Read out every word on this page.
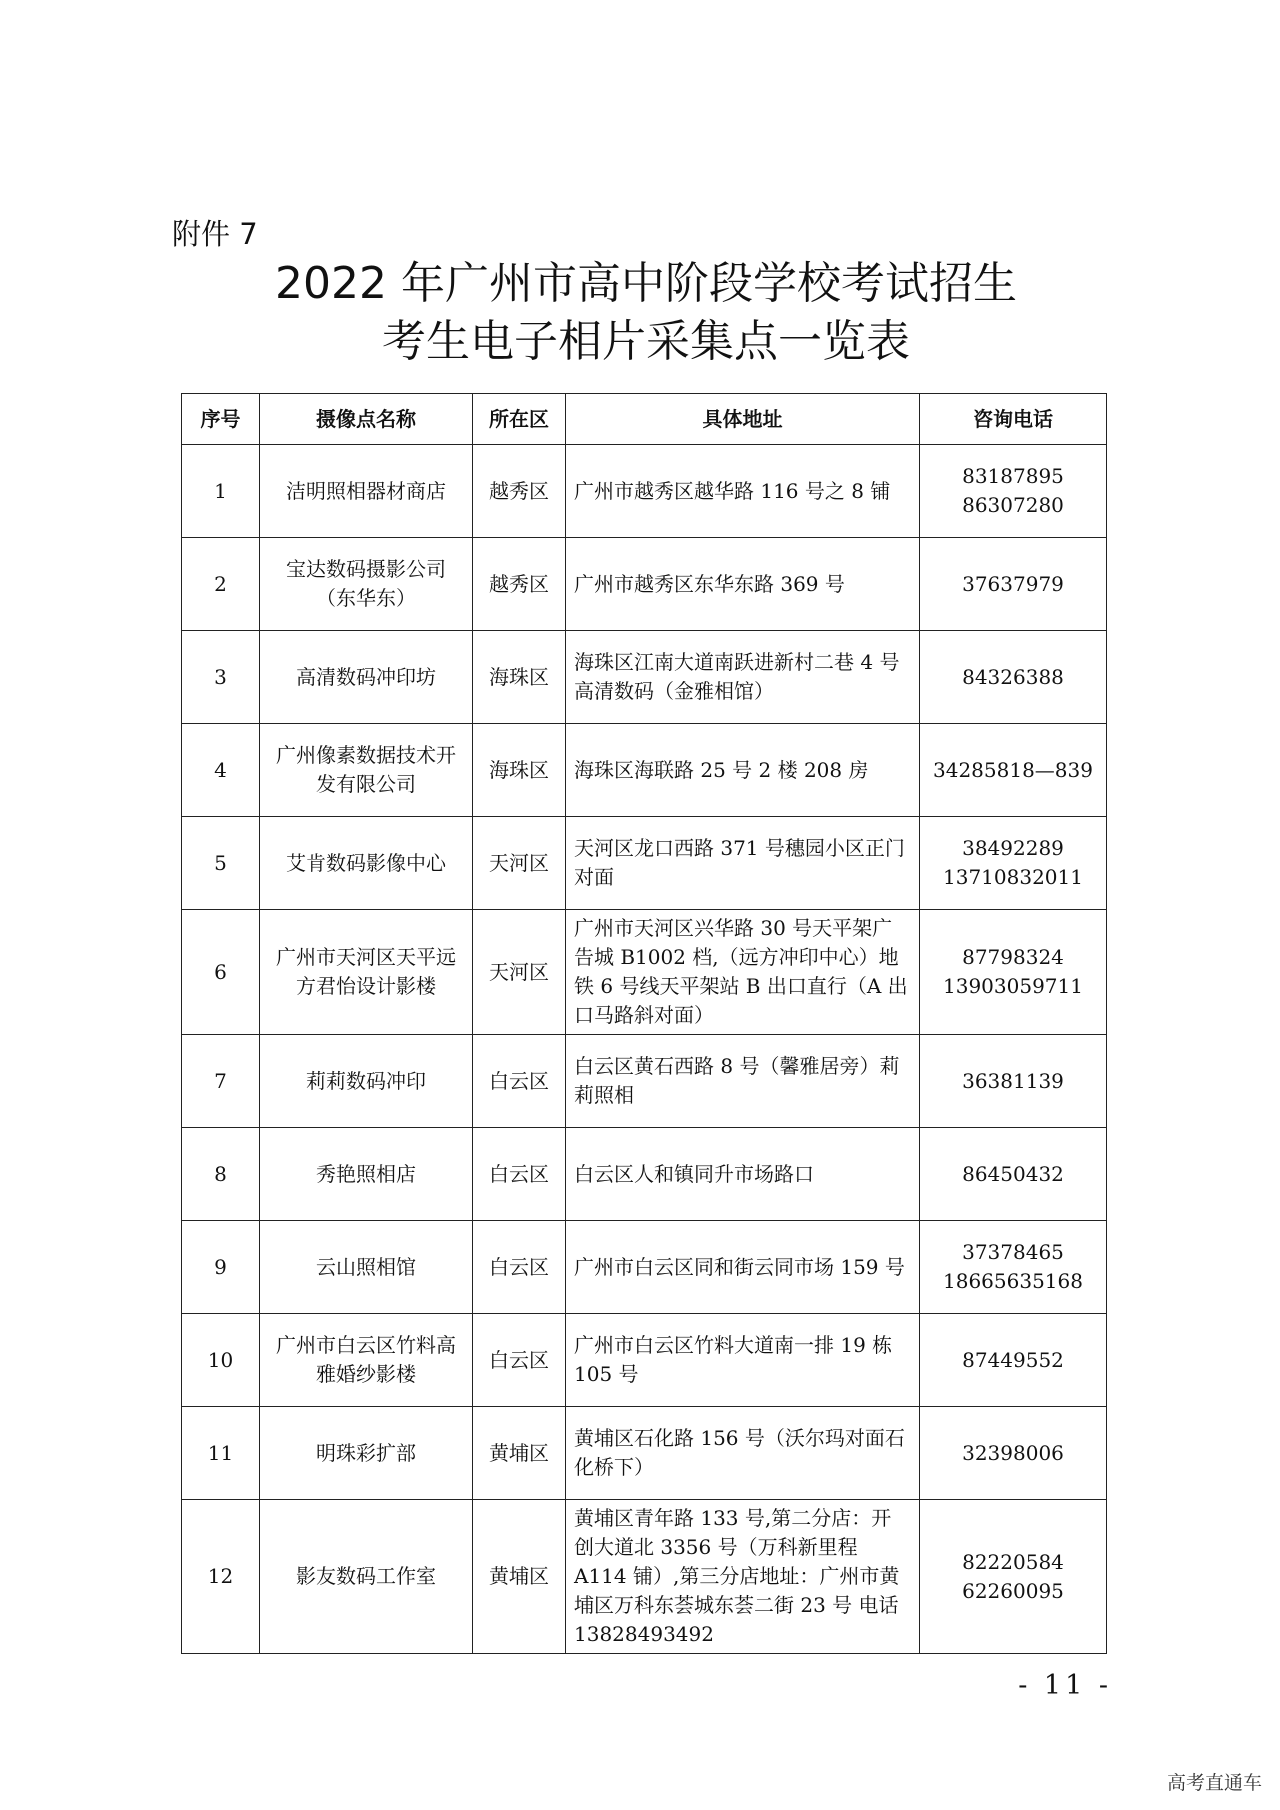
附件 7
2022 年广州市高中阶段学校考试招生
考生电子相片采集点一览表
序号	摄像点名称	所在区	具体地址	咨询电话
1	洁明照相器材商店	越秀区	广州市越秀区越华路 116 号之 8 铺	83187895
86307280

2	宝达数码摄影公司（东华东）	越秀区	广州市越秀区东华东路 369 号	37637979

3	高清数码冲印坊	海珠区	海珠区江南大道南跃进新村二巷 4 号 高清数码（金雅相馆）	84326388

4	广州像素数据技术开发有限公司	海珠区	海珠区海联路 25 号 2 楼 208 房	34285818—839

5	艾肯数码影像中心	天河区	天河区龙口西路 371 号穗园小区正门对面	38492289
13710832011

6	广州市天河区天平远方君怡设计影楼	天河区	广州市天河区兴华路 30 号天平架广告城 B1002 档,（远方冲印中心）地铁 6 号线天平架站 B 出口直行（A 出口马路斜对面）	87798324
13903059711

7	莉莉数码冲印	白云区	白云区黄石西路 8 号（馨雅居旁）莉莉照相	36381139

8	秀艳照相店	白云区	白云区人和镇同升市场路口	86450432

9	云山照相馆	白云区	广州市白云区同和街云同市场 159 号	37378465
18665635168

10	广州市白云区竹料高雅婚纱影楼	白云区	广州市白云区竹料大道南一排 19 栋 105 号	87449552

11	明珠彩扩部	黄埔区	黄埔区石化路 156 号（沃尔玛对面石化桥下）	32398006

12	影友数码工作室	黄埔区	黄埔区青年路 133 号,第二分店：开创大道北 3356 号（万科新里程 A114 铺）,第三分店地址：广州市黄埔区万科东荟城东荟二街 23 号 电话 13828493492	82220584
62260095
- 11 -
高考直通车
